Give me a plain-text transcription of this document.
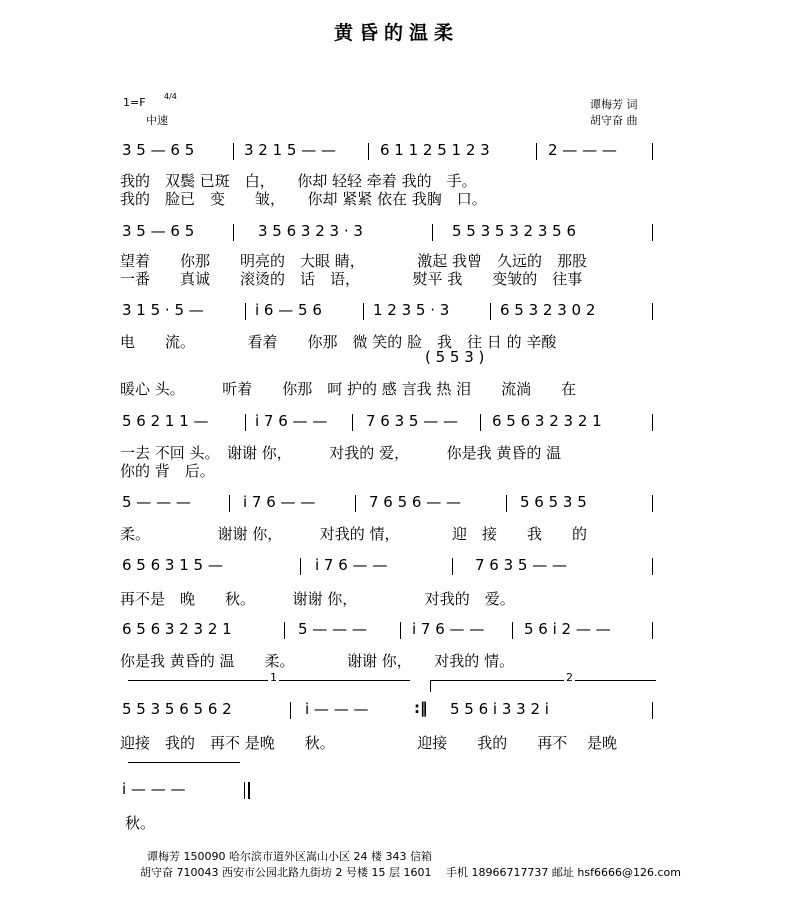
黄昏的温柔
1=F 4/4
中速
谭梅芳 词
胡守奋 曲
3 5 — 6 5	3 2 1 5 — —	6 1 1 2 5 1 2 3	2 — — —
我的　双鬓 已斑　白，　　你却 轻轻 牵着 我的　手。
我的　脸已　变　　皱，　　你却 紧紧 依在 我胸　口。
3 5 — 6 5	3 5 6 3 2 3 · 3	5 5 3 5 3 2 3 5 6
望着　　你那　　明亮的　大眼 睛，　　　　激起 我曾　久远的　那股
一番　　真诚　　滚烫的　话　语，　　　　熨平 我　　变皱的　往事
3 1 5 · 5 —	i 6 — 5 6	1 2 3 5 · 3	6 5 3 2 3 0 2
电　　流。　　　　看着　　你那　微 笑的 脸　我　往 日 的 辛酸
( 5 5 3 )
暖心 头。　　　听着　　你那　呵 护的 感 言我 热 泪　　流淌　　在
5 6 2 1 1 —	i 7 6 — —	7 6 3 5 — — 6 5 6 3 2 3 2 1
一去 不回 头。　谢谢 你，　　　对我的 爱，　　　你是我 黄昏的 温
你的 背　后。
5 — — —	i 7 6 — —	7 6 5 6 — —	5 6 5 3 5
柔。　　　　　谢谢 你，　　　对我的 情，　　　　迎　接　　我　　的
6 5 6 3 1 5 —	i 7 6 — —	7 6 3 5 — —
再不是　晚　　秋。　　　谢谢 你，　　　　　对我的　爱。
6 5 6 3 2 3 2 1	5 — — —	i 7 6 — —	5 6 i 2 — —
你是我 黄昏的 温　　柔。　　　　谢谢 你，　　对我的 情。
1	2
5 5 3 5 6 5 6 2	i — — —	:‖ 5 5 6 i 3 3 2 i
迎接　我的　再不 是晚　　秋。　　　　　　迎接　　我的　　再不　 是晚
i — — —
秋。
谭梅芳 150090 哈尔滨市道外区嵩山小区 24 楼 343 信箱
胡守奋 710043 西安市公园北路九街坊 2 号楼 15 层 1601　 手机 18966717737 邮址 hsf6666@126.com
